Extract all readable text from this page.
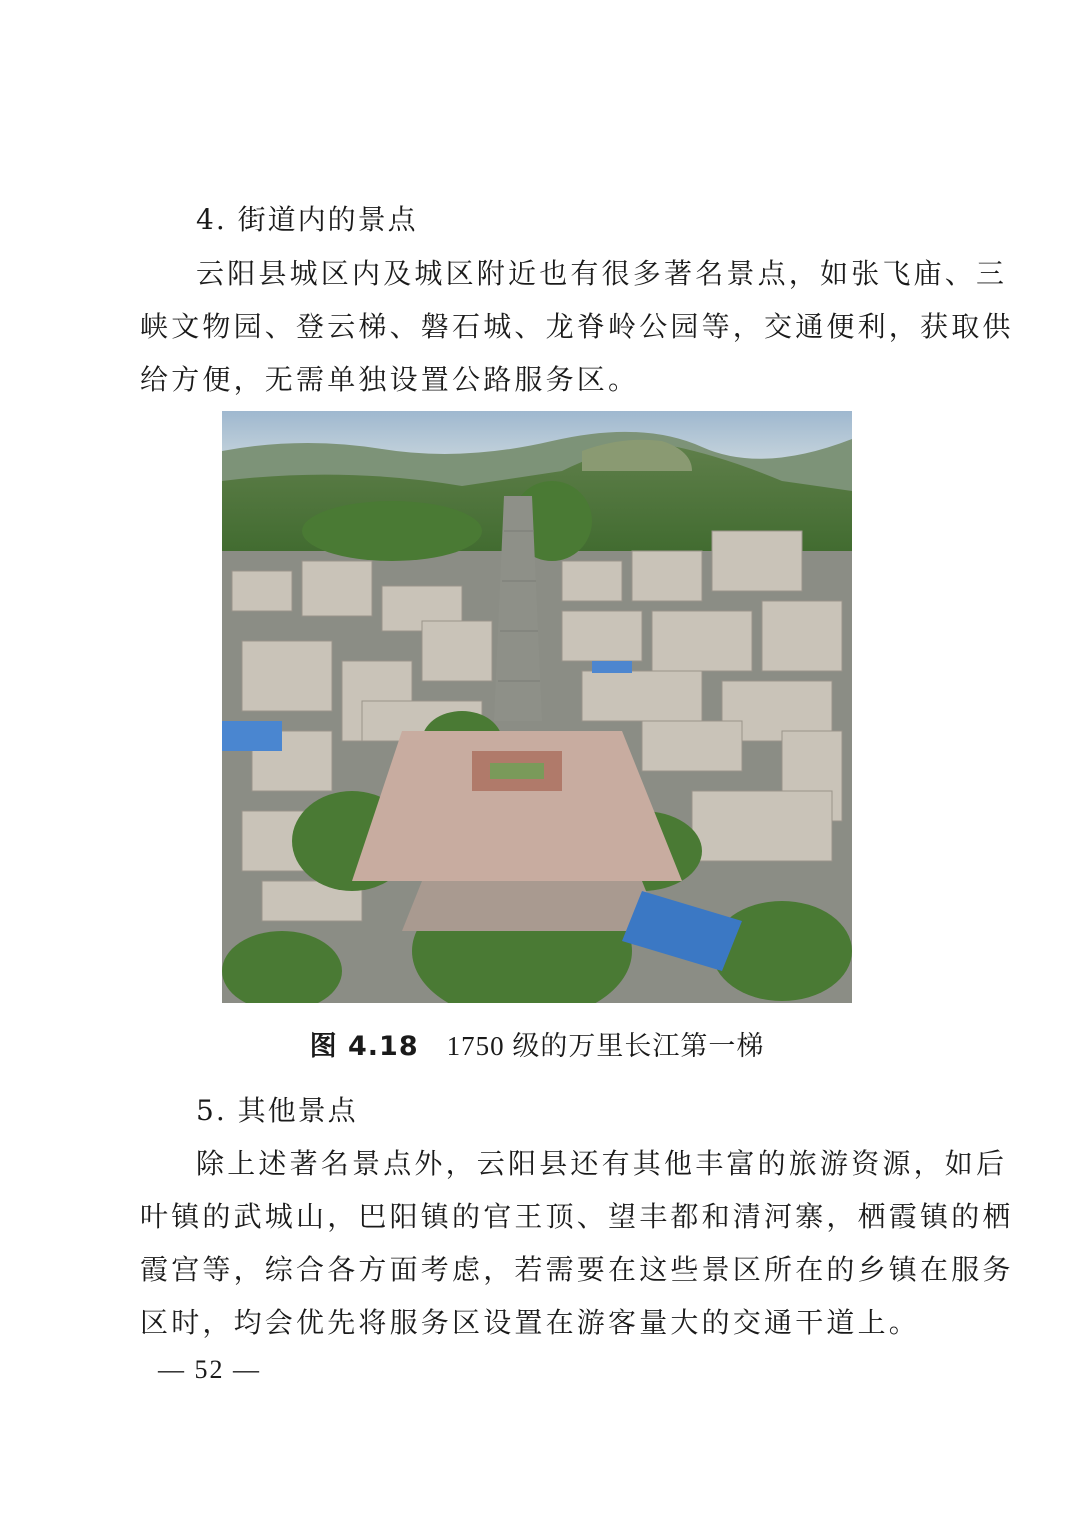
4. 街道内的景点
云阳县城区内及城区附近也有很多著名景点，如张飞庙、三
峡文物园、登云梯、磐石城、龙脊岭公园等，交通便利，获取供
给方便，无需单独设置公路服务区。
图 4.18  1750 级的万里长江第一梯
5. 其他景点
除上述著名景点外，云阳县还有其他丰富的旅游资源，如后
叶镇的武城山，巴阳镇的官王顶、望丰都和清河寨，栖霞镇的栖
霞宫等，综合各方面考虑，若需要在这些景区所在的乡镇在服务
区时，均会优先将服务区设置在游客量大的交通干道上。
— 52 —
